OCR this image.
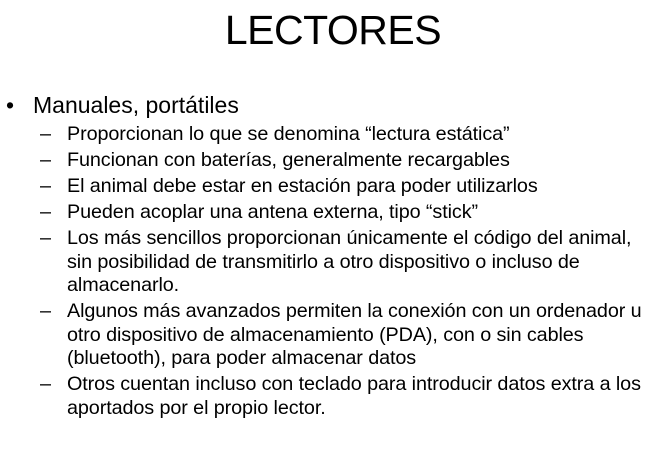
LECTORES
• Manuales, portátiles
– Proporcionan lo que se denomina “lectura estática”
– Funcionan con baterías, generalmente recargables
– El animal debe estar en estación para poder utilizarlos
– Pueden acoplar una antena externa, tipo “stick”
– Los más sencillos proporcionan únicamente el código del animal, sin posibilidad de transmitirlo a otro dispositivo o incluso de almacenarlo.
– Algunos más avanzados permiten la conexión con un ordenador u otro dispositivo de almacenamiento (PDA), con o sin cables (bluetooth), para poder almacenar datos
– Otros cuentan incluso con teclado para introducir datos extra a los aportados por el propio lector.
